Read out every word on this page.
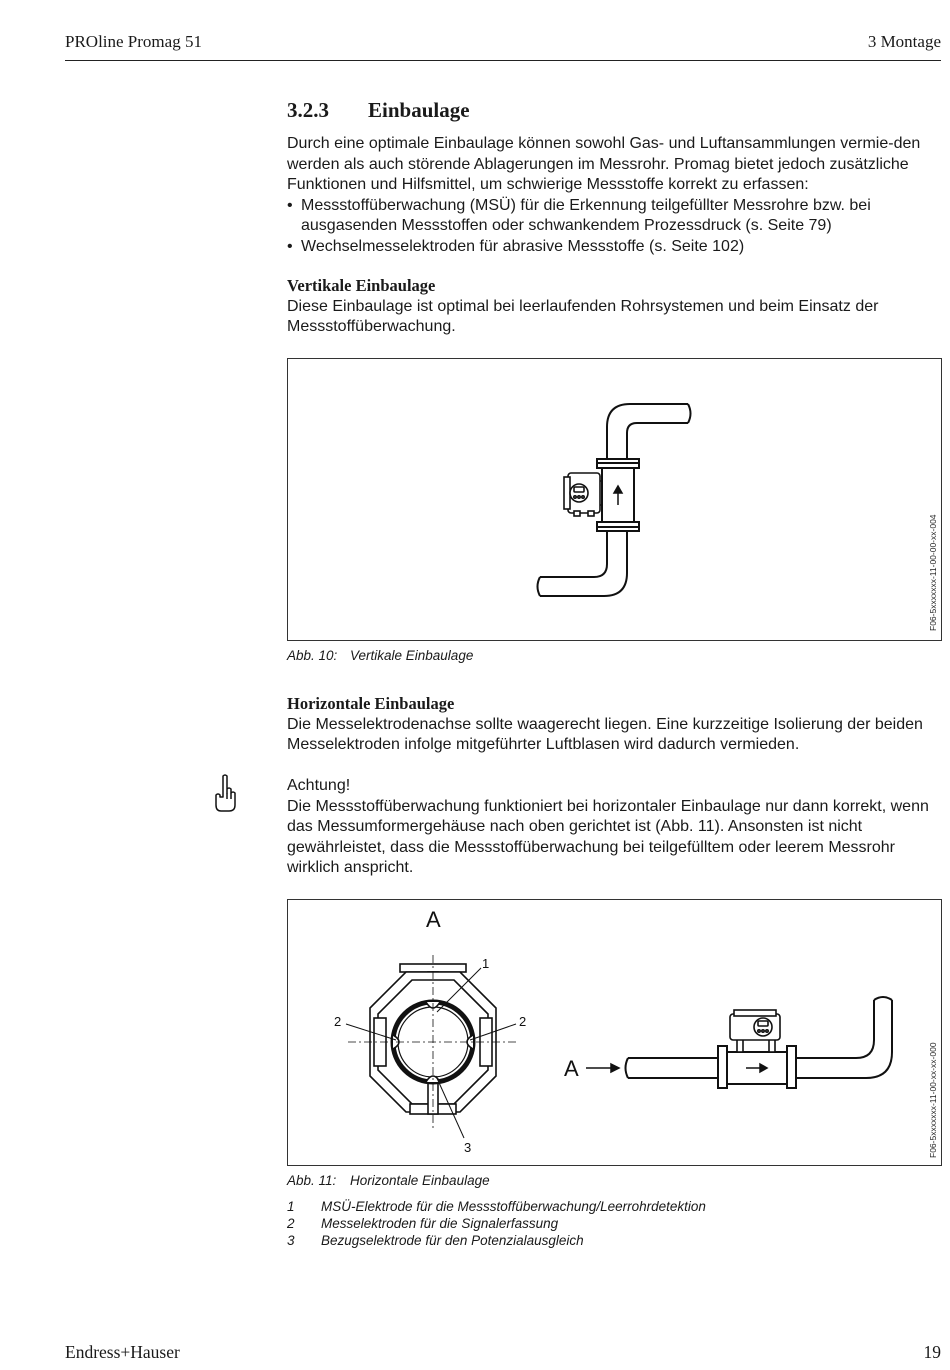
PROline Promag 51	3 Montage
3.2.3 Einbaulage

Durch eine optimale Einbaulage können sowohl Gas- und Luftansammlungen vermie-den werden als auch störende Ablagerungen im Messrohr. Promag bietet jedoch zusätzliche Funktionen und Hilfsmittel, um schwierige Messstoffe korrekt zu erfassen:

• Messstoffüberwachung (MSÜ) für die Erkennung teilgefüllter Messrohre bzw. bei ausgasenden Messstoffen oder schwankendem Prozessdruck (s. Seite 79)
• Wechselmesselektroden für abrasive Messstoffe (s. Seite 102)
Vertikale Einbaulage

Diese Einbaulage ist optimal bei leerlaufenden Rohrsystemen und beim Einsatz der Messstoffüberwachung.

F06-5xxxxxxx-11-00-00-xx-004
Abb. 10: Vertikale Einbaulage
Horizontale Einbaulage

Die Messelektrodenachse sollte waagerecht liegen. Eine kurzzeitige Isolierung der beiden Messelektroden infolge mitgeführter Luftblasen wird dadurch vermieden.

Achtung!

Die Messstoffüberwachung funktioniert bei horizontaler Einbaulage nur dann korrekt, wenn das Messumformergehäuse nach oben gerichtet ist (Abb. 11). Ansonsten ist nicht gewährleistet, dass die Messstoffüberwachung bei teilgefülltem oder leerem Messrohr wirklich anspricht.

A
1
2	2
3
A	F06-5xxxxxxx-11-00-xx-xx-000
Abb. 11: Horizontale Einbaulage
1	MSÜ-Elektrode für die Messstoffüberwachung/Leerrohrdetektion
2	Messelektroden für die Signalerfassung
3	Bezugselektrode für den Potenzialausgleich
Endress+Hauser	19
